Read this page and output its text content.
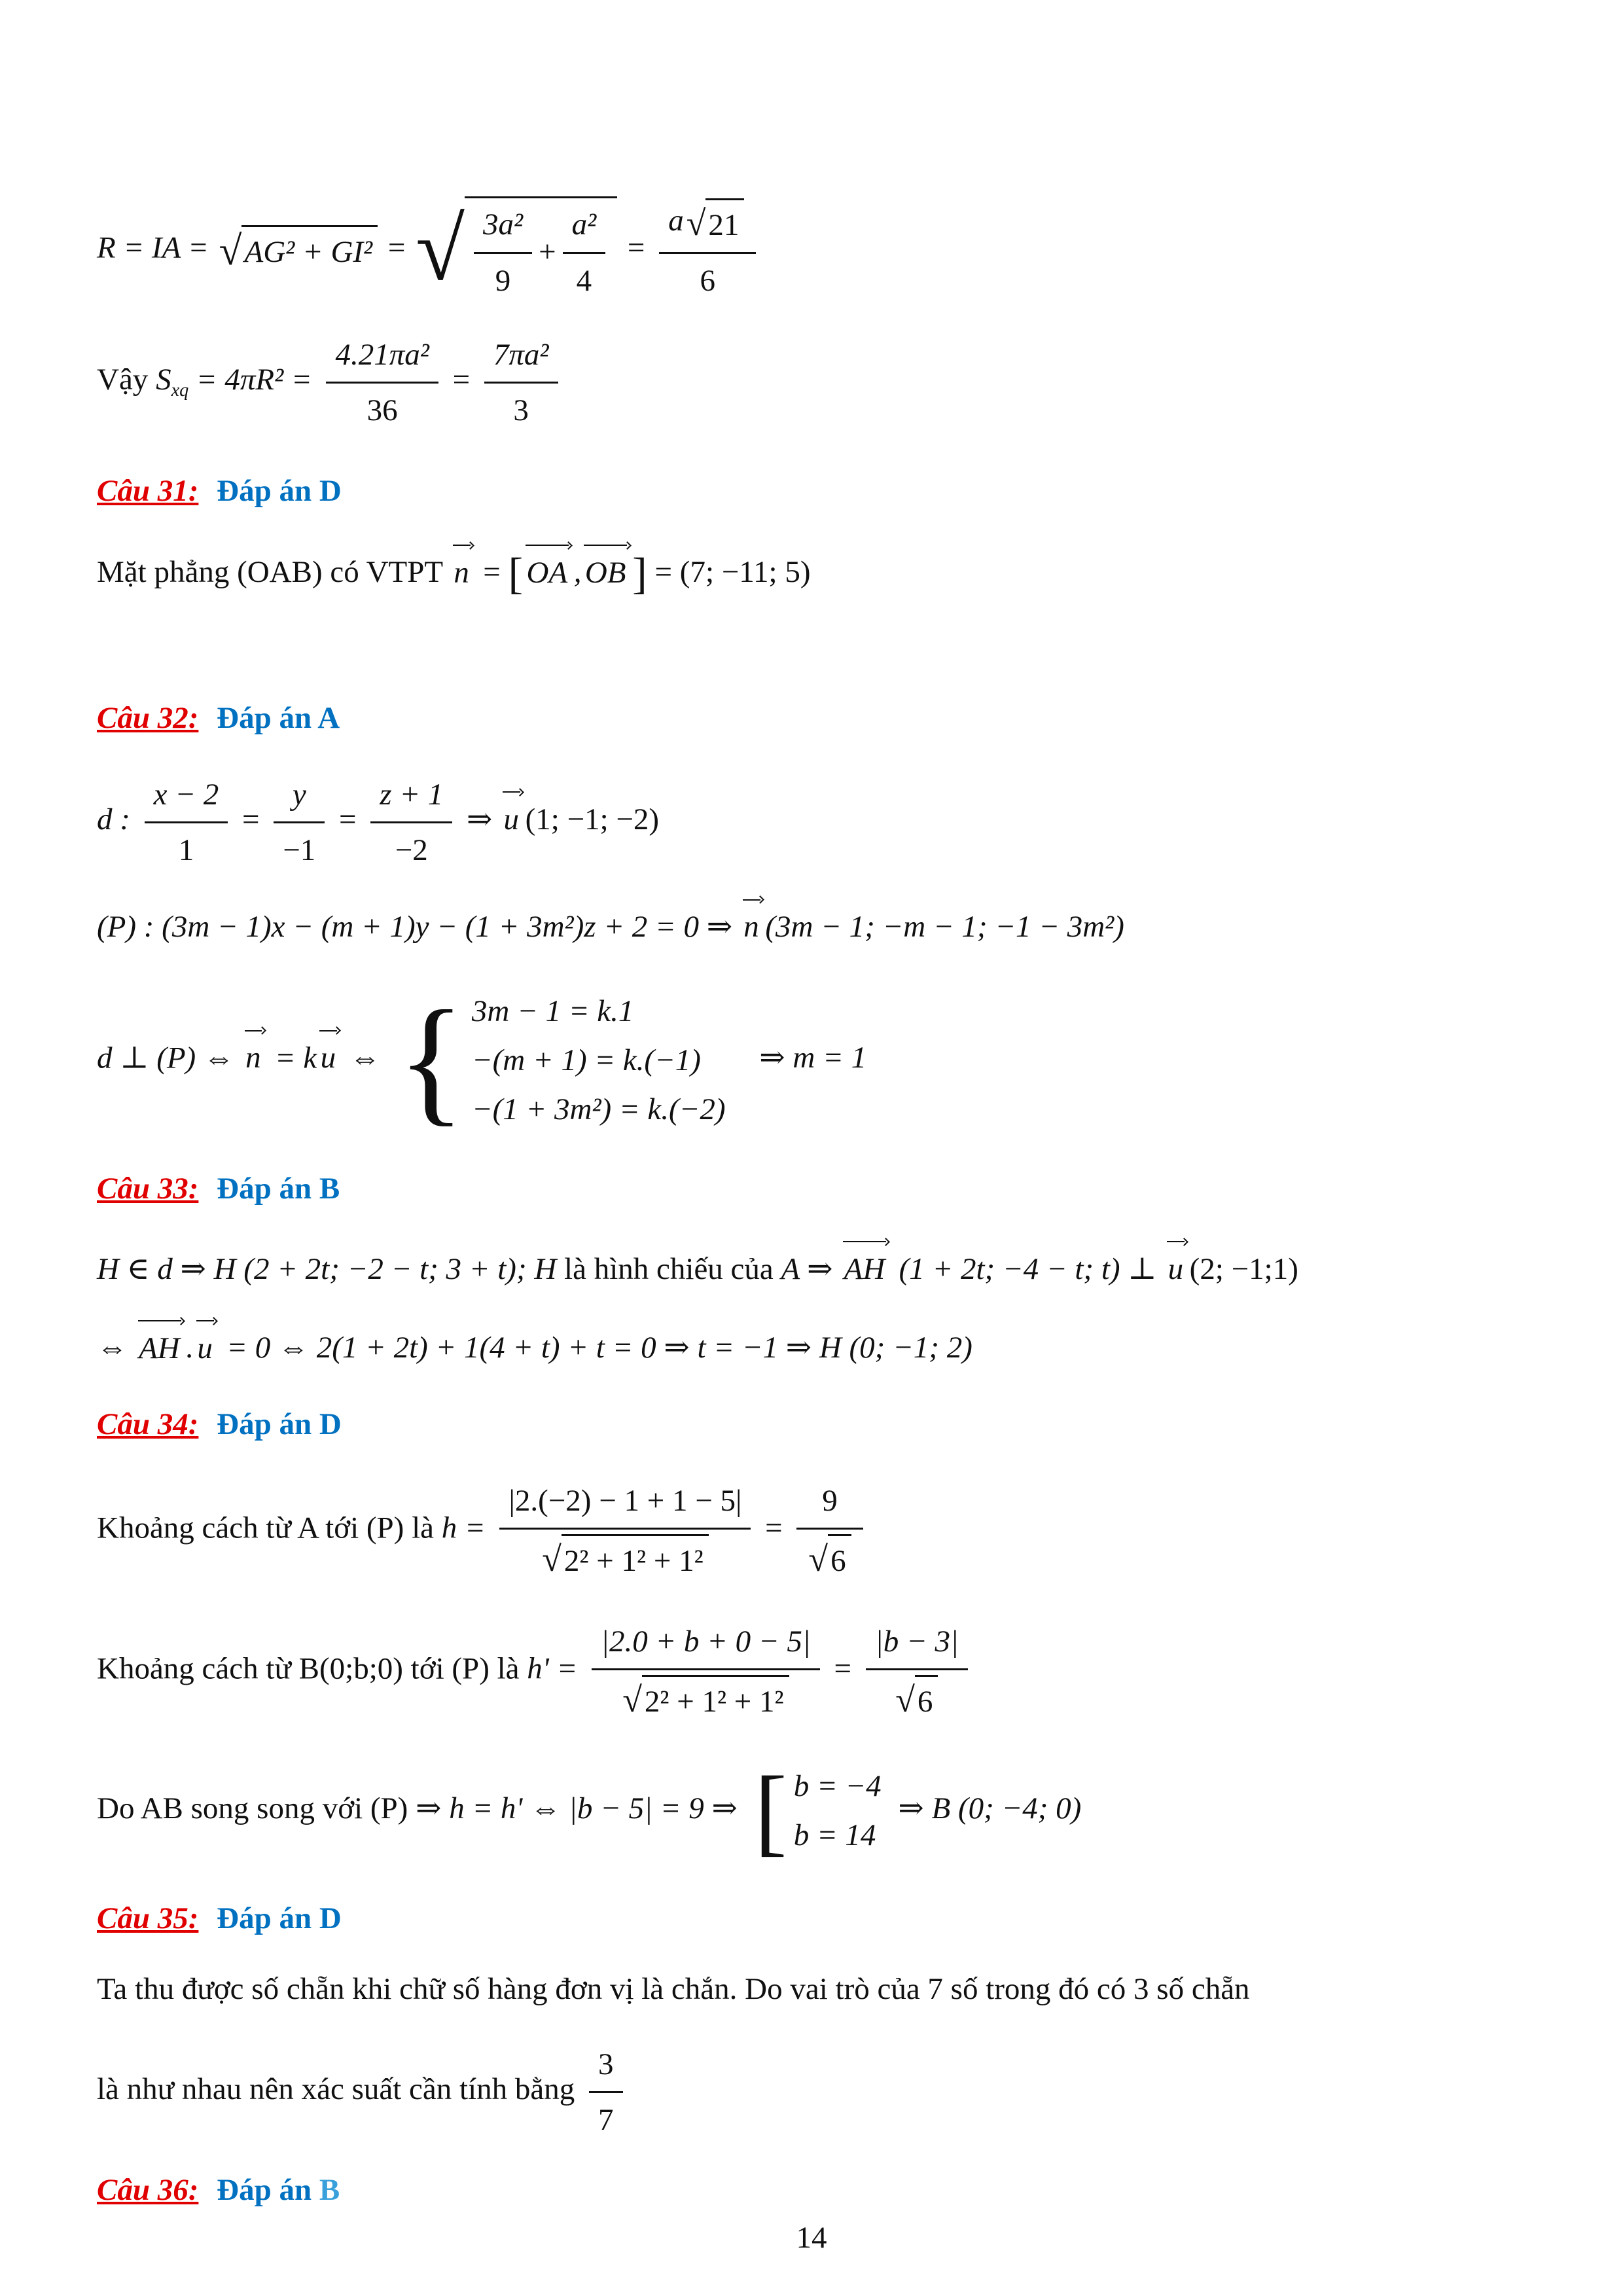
R = IA = √ AG² + GI² = √ $\frac{\text{3a²}}{9} + \frac{\text{a²}}{4} = \frac{a √ 21}{6}$
Vậy $S_{xq} = 4\pi R^2 = \frac{\text{4.21πa²}}{36} = \frac{\text{7πa²}}{3}$
Câu 31: Đáp án D
Mặt phẳng (OAB) có VTPT n = [ OA , OB ] = (7; −11; 5)
Câu 32: Đáp án A
d : $\frac{x - 2}{1} = \frac{y}{-1} = \frac{z + 1}{-2}$ ⇒ u (1; −1; −2)
(P) : (3m − 1)x − (m + 1)y − (1 + 3m²)z + 2 = 0 ⇒ n (3m − 1; −m − 1; −1 − 3m²)
d ⊥ (P) ⇔ n = k u ⇔ { 3m − 1 = k.1
−(m + 1) = k.(−1)
−(1 + 3m²) = k.(−2)
⇒ m = 1
Câu 33: Đáp án B
H ∈ d ⇒ H (2 + 2t; −2 − t; 3 + t); H là hình chiếu của A ⇒ AH (1 + 2t; −4 − t; t) ⊥ u (2; −1;1)
⇔ AH . u = 0 ⇔ 2(1 + 2t) + 1(4 + t) + t = 0 ⇒ t = −1 ⇒ H (0; −1; 2)
Câu 34: Đáp án D
Khoảng cách từ A tới (P) là $h = \frac{|2.(-2) - 1 + 1 - 5|}{\text{√ 2² + 1² + 1²}} = \frac{9}{√ 6}$
Khoảng cách từ B(0;b;0) tới (P) là $h' = \frac{|2.0 + b + 0 - 5|}{\text{√ 2² + 1² + 1²}} = \frac{|b - 3|}{√ 6}$
Do AB song song với (P) ⇒ h = h' ⇔ |b − 5| = 9 ⇒ [ b = −4
b = 14
⇒ B (0; −4; 0)
Câu 35: Đáp án D
Ta thu được số chẵn khi chữ số hàng đơn vị là chắn. Do vai trò của 7 số trong đó có 3 số chẵn
là như nhau nên xác suất cần tính bằng $\frac{3}{7}$
Câu 36: Đáp án B
14
